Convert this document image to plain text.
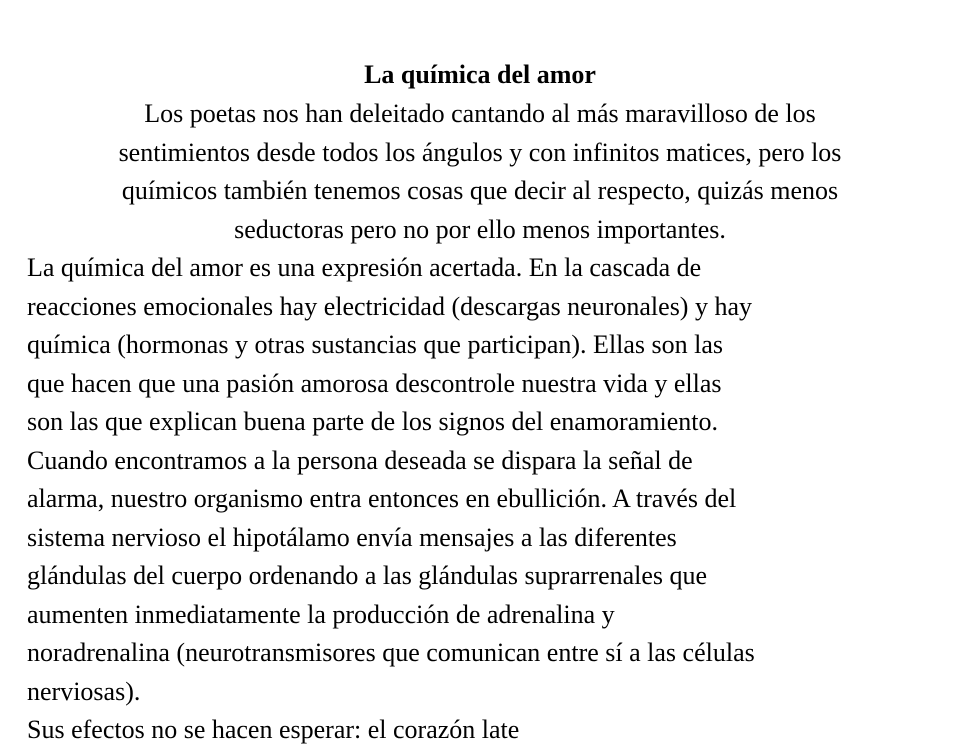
La química del amor
Los poetas nos han deleitado cantando al más maravilloso de los
sentimientos desde todos los ángulos y con infinitos matices, pero los
químicos también tenemos cosas que decir al respecto, quizás menos
seductoras pero no por ello menos importantes.
La química del amor es una expresión acertada. En la cascada de
reacciones emocionales hay electricidad (descargas neuronales) y hay
química (hormonas y otras sustancias que participan). Ellas son las
que hacen que una pasión amorosa descontrole nuestra vida y ellas
son las que explican buena parte de los signos del enamoramiento.
Cuando encontramos a la persona deseada se dispara la señal de
alarma, nuestro organismo entra entonces en ebullición. A través del
sistema nervioso el hipotálamo envía mensajes a las diferentes
glándulas del cuerpo ordenando a las glándulas suprarrenales que
aumenten inmediatamente la producción de adrenalina y
noradrenalina (neurotransmisores que comunican entre sí a las células
nerviosas).
Sus efectos no se hacen esperar: el corazón late
